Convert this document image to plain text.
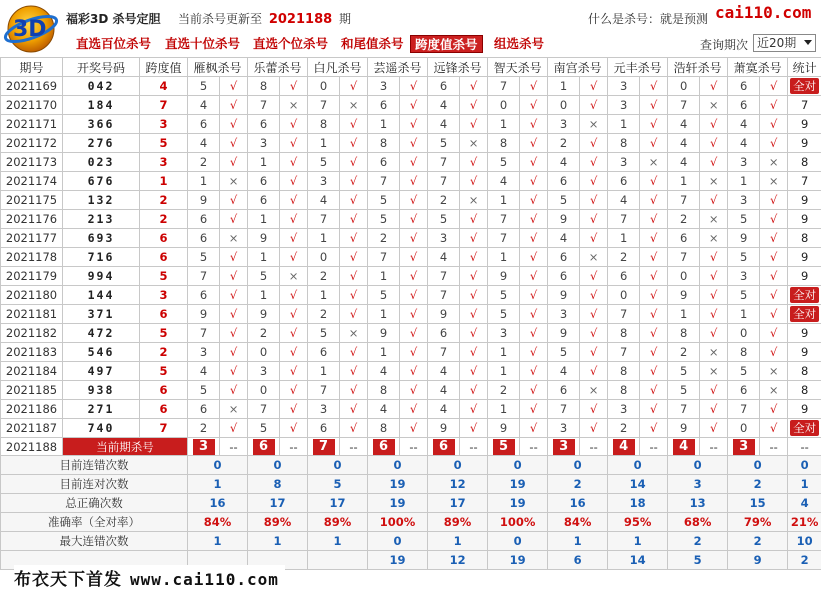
3D 福彩3D 杀号定胆 当前杀号更新至 2021188 期	什么是杀号：就是预测 cai110.com
直选百位杀号 直选十位杀号 直选个位杀号 和尾值杀号 跨度值杀号	组选杀号	查询期次 近20期
期号	开奖号码	跨度值	雁枫杀号		乐蕾杀号		白凡杀号		芸遥杀号		远锋杀号		智天杀号		南宫杀号		元丰杀号		浩轩杀号		萧寞杀号		统计
2021169	042	4	5	√	8	√	0	√	3	√	6	√	7	√	1	√	3	√	0	√	6	√	全对
2021170	184	7	4	√	7	×	7	×	6	√	4	√	0	√	0	√	3	√	7	×	6	√	7
2021171	366	3	6	√	6	√	8	√	1	√	4	√	1	√	3	×	1	√	4	√	4	√	9
2021172	276	5	4	√	3	√	1	√	8	√	5	×	8	√	2	√	8	√	4	√	4	√	9
2021173	023	3	2	√	1	√	5	√	6	√	7	√	5	√	4	√	3	×	4	√	3	×	8
2021174	676	1	1	×	6	√	3	√	7	√	7	√	4	√	6	√	6	√	1	×	1	×	7
2021175	132	2	9	√	6	√	4	√	5	√	2	×	1	√	5	√	4	√	7	√	3	√	9
2021176	213	2	6	√	1	√	7	√	5	√	5	√	7	√	9	√	7	√	2	×	5	√	9
2021177	693	6	6	×	9	√	1	√	2	√	3	√	7	√	4	√	1	√	6	×	9	√	8
2021178	716	6	5	√	1	√	0	√	7	√	4	√	1	√	6	×	2	√	7	√	5	√	9
2021179	994	5	7	√	5	×	2	√	1	√	7	√	9	√	6	√	6	√	0	√	3	√	9
2021180	144	3	6	√	1	√	1	√	5	√	7	√	5	√	9	√	0	√	9	√	5	√	全对
2021181	371	6	9	√	9	√	2	√	1	√	9	√	5	√	3	√	7	√	1	√	1	√	全对
2021182	472	5	7	√	2	√	5	×	9	√	6	√	3	√	9	√	8	√	8	√	0	√	9
2021183	546	2	3	√	0	√	6	√	1	√	7	√	1	√	5	√	7	√	2	×	8	√	9
2021184	497	5	4	√	3	√	1	√	4	√	4	√	1	√	4	√	8	√	5	×	5	×	8
2021185	938	6	5	√	0	√	7	√	8	√	4	√	2	√	6	×	8	√	5	√	6	×	8
2021186	271	6	6	×	7	√	3	√	4	√	4	√	1	√	7	√	3	√	7	√	7	√	9
2021187	740	7	2	√	5	√	6	√	8	√	9	√	9	√	3	√	2	√	9	√	0	√	全对
2021188	当前期杀号		3	--	6	--	7	--	6	--	6	--	5	--	3	--	4	--	4	--	3	--	--
目前连错次数			0		0		0		0		0		0		0		0		0		0		0
目前连对次数			1		8		5		19		12		19		2		14		3		2		1
总正确次数			16		17		17		19		17		19		16		18		13		15		4
准确率（全对率）			84%		89%		89%		100%		89%		100%		84%		95%		68%		79%		21%
最大连错次数			1		1		1		0		1		0		1		1		2		2		10
									19		12		19		6		14		5		9		2
布衣天下首发 www.cai110.com
